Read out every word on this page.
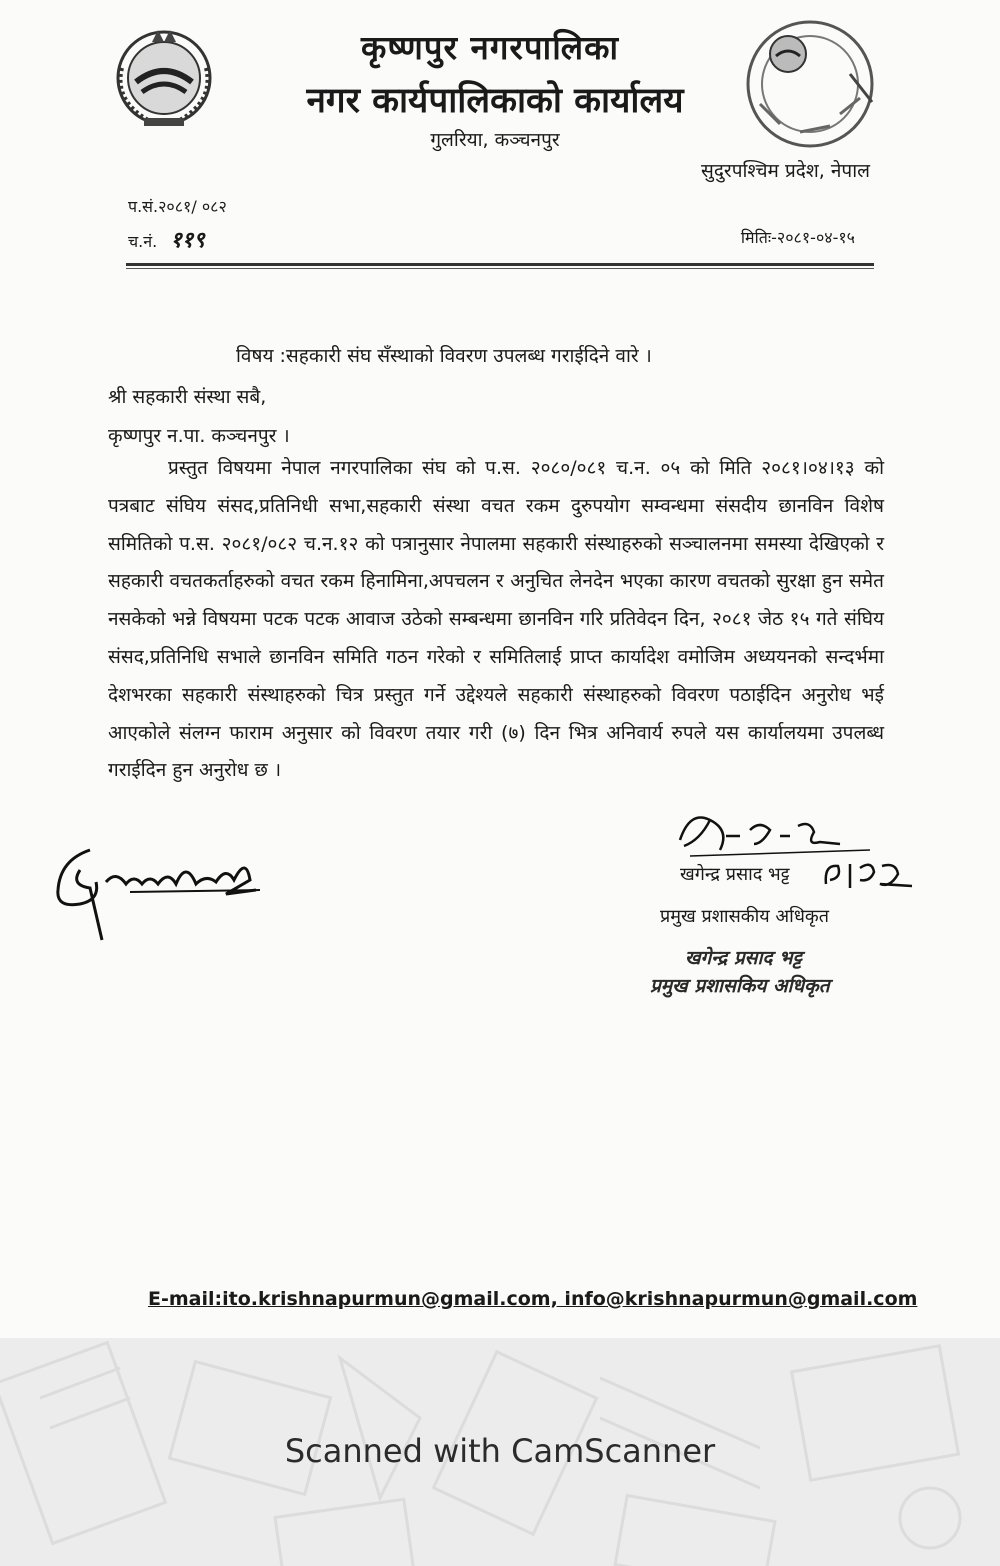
कृष्णपुर नगरपालिका
नगर कार्यपालिकाको कार्यालय
गुलरिया, कञ्चनपुर
सुदुरपश्चिम प्रदेश, नेपाल
प.सं.२०८१/ ०८२
च.नं. ११९	मितिः-२०८१-०४-१५
विषय :सहकारी संघ सँस्थाको विवरण उपलब्ध गराईदिने वारे ।
श्री सहकारी संस्था सबै,
कृष्णपुर न.पा. कञ्चनपुर ।
प्रस्तुत विषयमा नेपाल नगरपालिका संघ को प.स. २०८०/०८१ च.न. ०५ को मिति २०८१।०४।१३ को पत्रबाट संघिय संसद,प्रतिनिधी सभा,सहकारी संस्था वचत रकम दुरुपयोग सम्वन्धमा संसदीय छानविन विशेष समितिको प.स. २०८१/०८२ च.न.१२ को पत्रानुसार नेपालमा सहकारी संस्थाहरुको सञ्चालनमा समस्या देखिएको र सहकारी वचतकर्ताहरुको वचत रकम हिनामिना,अपचलन र अनुचित लेनदेन भएका कारण वचतको सुरक्षा हुन समेत नसकेको भन्ने विषयमा पटक पटक आवाज उठेको सम्बन्धमा छानविन गरि प्रतिवेदन दिन, २०८१ जेठ १५ गते संघिय संसद,प्रतिनिधि सभाले छानविन समिति गठन गरेको र समितिलाई प्राप्त कार्यादेश वमोजिम अध्ययनको सन्दर्भमा देशभरका सहकारी संस्थाहरुको चित्र प्रस्तुत गर्ने उद्देश्यले सहकारी संस्थाहरुको विवरण पठाईदिन अनुरोध भई आएकोले संलग्न फाराम अनुसार को विवरण तयार गरी (७) दिन भित्र अनिवार्य रुपले यस कार्यालयमा उपलब्ध गराईदिन हुन अनुरोध छ ।
खगेन्द्र प्रसाद भट्ट
प्रमुख प्रशासकीय अधिकृत
खगेन्द्र प्रसाद भट्ट
प्रमुख प्रशासकिय अधिकृत
E-mail:ito.krishnapurmun@gmail.com, info@krishnapurmun@gmail.com
Scanned with CamScanner
